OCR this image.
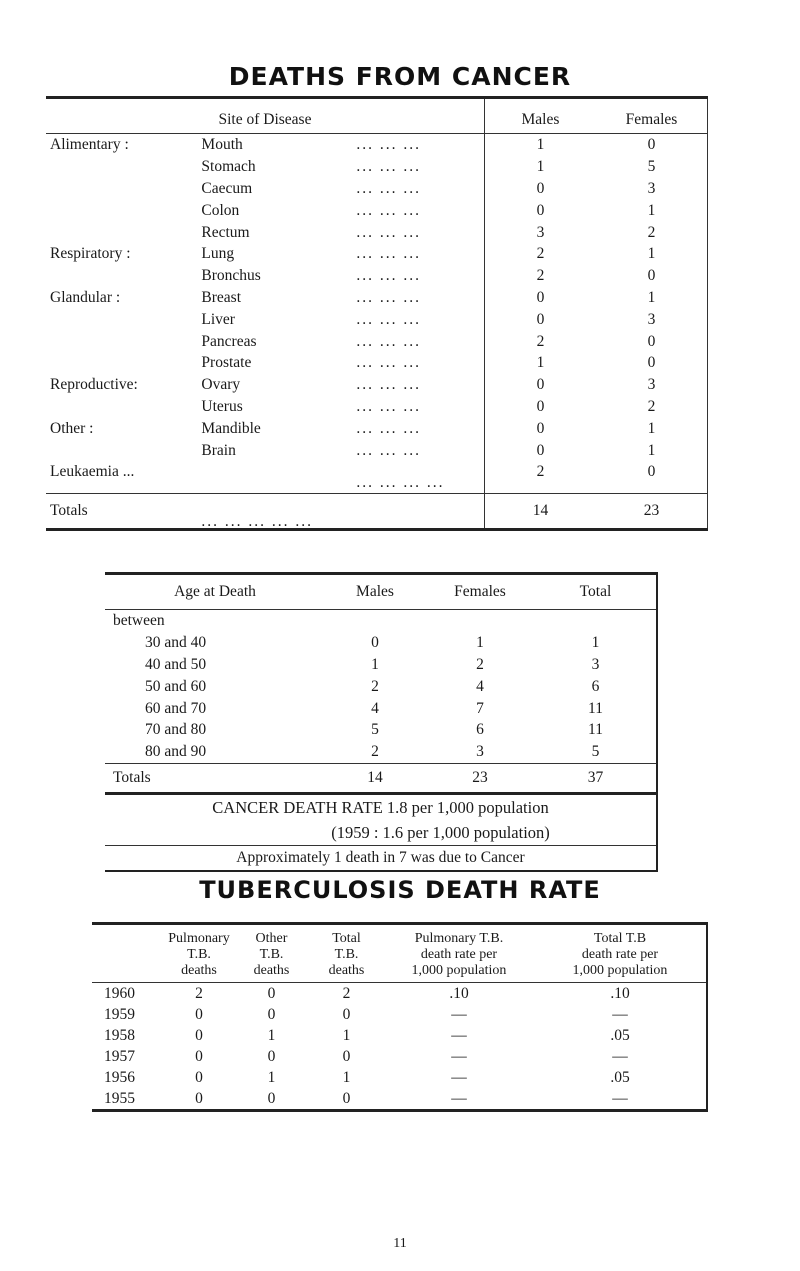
DEATHS FROM CANCER
Site of Disease		Males	Females
Alimentary :	Mouth ... ... ...	1	0
	Stomach ... ... ...	1	5
	Caecum ... ... ...	0	3
	Colon ... ... ...	0	1
	Rectum ... ... ...	3	2
Respiratory :	Lung ... ... ...	2	1
	Bronchus ... ... ...	2	0
Glandular :	Breast ... ... ...	0	1
	Liver ... ... ...	0	3
	Pancreas ... ... ...	2	0
	Prostate ... ... ...	1	0
Reproductive:	Ovary ... ... ...	0	3
	Uterus ... ... ...	0	2
Other :	Mandible ... ... ...	0	1
	Brain ... ... ...	0	1
Leukaemia ...	... ... ... ...	2	0

Totals	... ... ... ... ...	14	23
Age at Death	Males	Females	Total
between			
30 and 40	0	1	1
40 and 50	1	2	3
50 and 60	2	4	6
60 and 70	4	7	11
70 and 80	5	6	11
80 and 90	2	3	5
Totals	14	23	37
CANCER DEATH RATE 1.8 per 1,000 population			
(1959 : 1.6 per 1,000 population)			
Approximately 1 death in 7 was due to Cancer			
TUBERCULOSIS DEATH RATE
	Pulmonary
T.B.
deaths	Other
T.B.
deaths	Total
T.B.
deaths	Pulmonary T.B.
death rate per
1,000 population	Total T.B
death rate per
1,000 population
1960	2	0	2	.10	.10
1959	0	0	0	—	—
1958	0	1	1	—	.05
1957	0	0	0	—	—
1956	0	1	1	—	.05
1955	0	0	0	—	—
11
